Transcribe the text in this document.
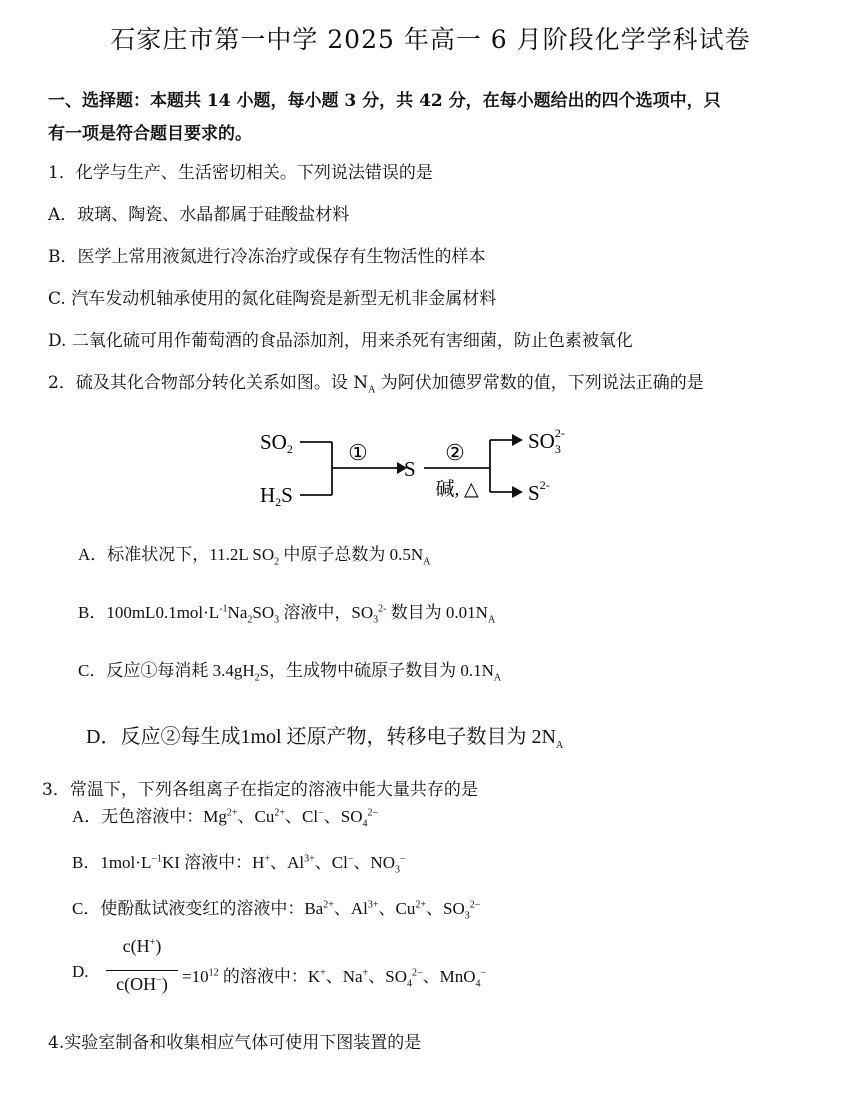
石家庄市第一中学 2025 年高一 6 月阶段化学学科试卷
一、选择题：本题共 14 小题，每小题 3 分，共 42 分，在每小题给出的四个选项中，只
有一项是符合题目要求的。
1．化学与生产、生活密切相关。下列说法错误的是
A．玻璃、陶瓷、水晶都属于硅酸盐材料
B．医学上常用液氮进行冷冻治疗或保存有生物活性的样本
C. 汽车发动机轴承使用的氮化硅陶瓷是新型无机非金属材料
D. 二氧化硫可用作葡萄酒的食品添加剂，用来杀死有害细菌，防止色素被氧化
2．硫及其化合物部分转化关系如图。设 $N_A$ 为阿伏加德罗常数的值，下列说法正确的是
SO2
H2S
①
S
②
碱, △
$SO_32-$
$S^{2-}$
A．标准状况下，11.2L $SO_2$ 中原子总数为 $0.5N_A$
B．$100mL0.1mol\cdot L^{-1}Na_2SO_3$ 溶液中，$SO_3^{2-}$ 数目为 $0.01N_A$
C．反应①每消耗 $3.4gH_2S$，生成物中硫原子数目为 $0.1N_A$
D．反应②每生成1mol 还原产物，转移电子数目为 $2N_A$
3．常温下，下列各组离子在指定的溶液中能大量共存的是
A．无色溶液中：$Mg^{2+}$、$Cu^{2+}$、Cl−、$SO_4^{2-}$
B．$1mol\cdot L^{-1}KI$ 溶液中：H+、$Al^{3+}$、Cl−、$NO_3^-$
C．使酚酞试液变红的溶液中：$Ba^{2+}$、$Al^{3+}$、$Cu^{2+}$、$SO_3^{2-}$
D.
c(H+)
$c(OH^-) =10^{12}$ 的溶液中：K+、Na+、$SO_4^{2-}$、MnO$_4$−
4.实验室制备和收集相应气体可使用下图装置的是
